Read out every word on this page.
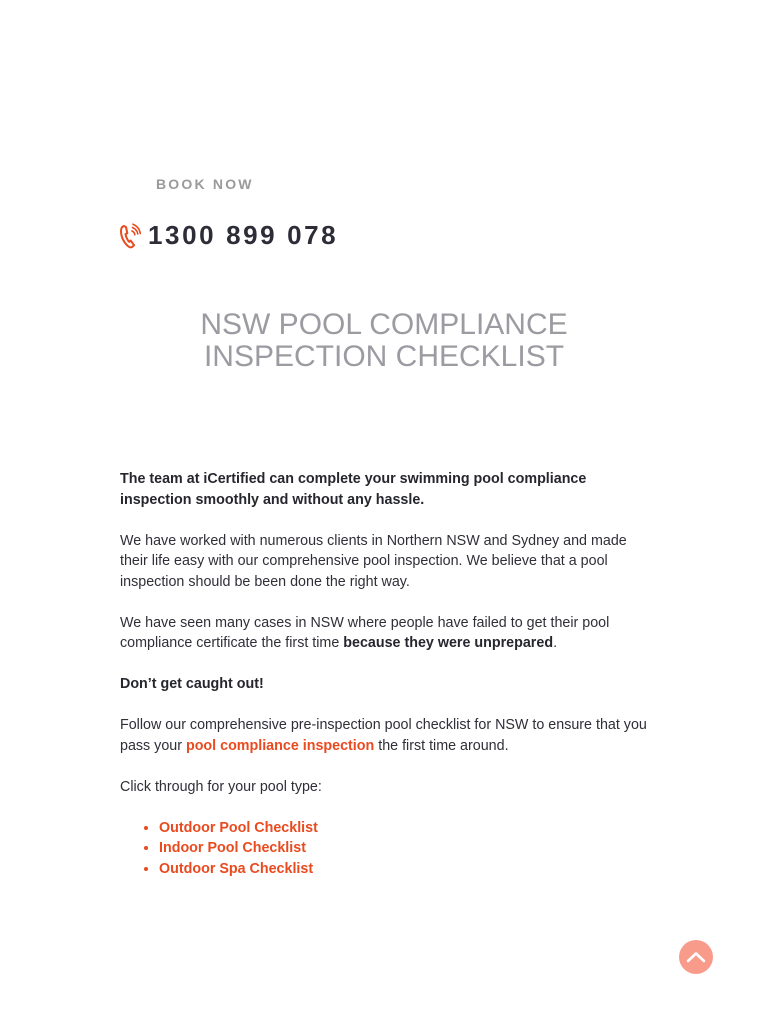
BOOK NOW
1300 899 078
NSW POOL COMPLIANCE
INSPECTION CHECKLIST

The team at iCertified can complete your swimming pool compliance inspection smoothly and without any hassle.

We have worked with numerous clients in Northern NSW and Sydney and made their life easy with our comprehensive pool inspection. We believe that a pool inspection should be been done the right way.

We have seen many cases in NSW where people have failed to get their pool compliance certificate the first time because they were unprepared.

Don’t get caught out!

Follow our comprehensive pre-inspection pool checklist for NSW to ensure that you pass your pool compliance inspection the first time around.

Click through for your pool type:

• Outdoor Pool Checklist
• Indoor Pool Checklist
• Outdoor Spa Checklist
